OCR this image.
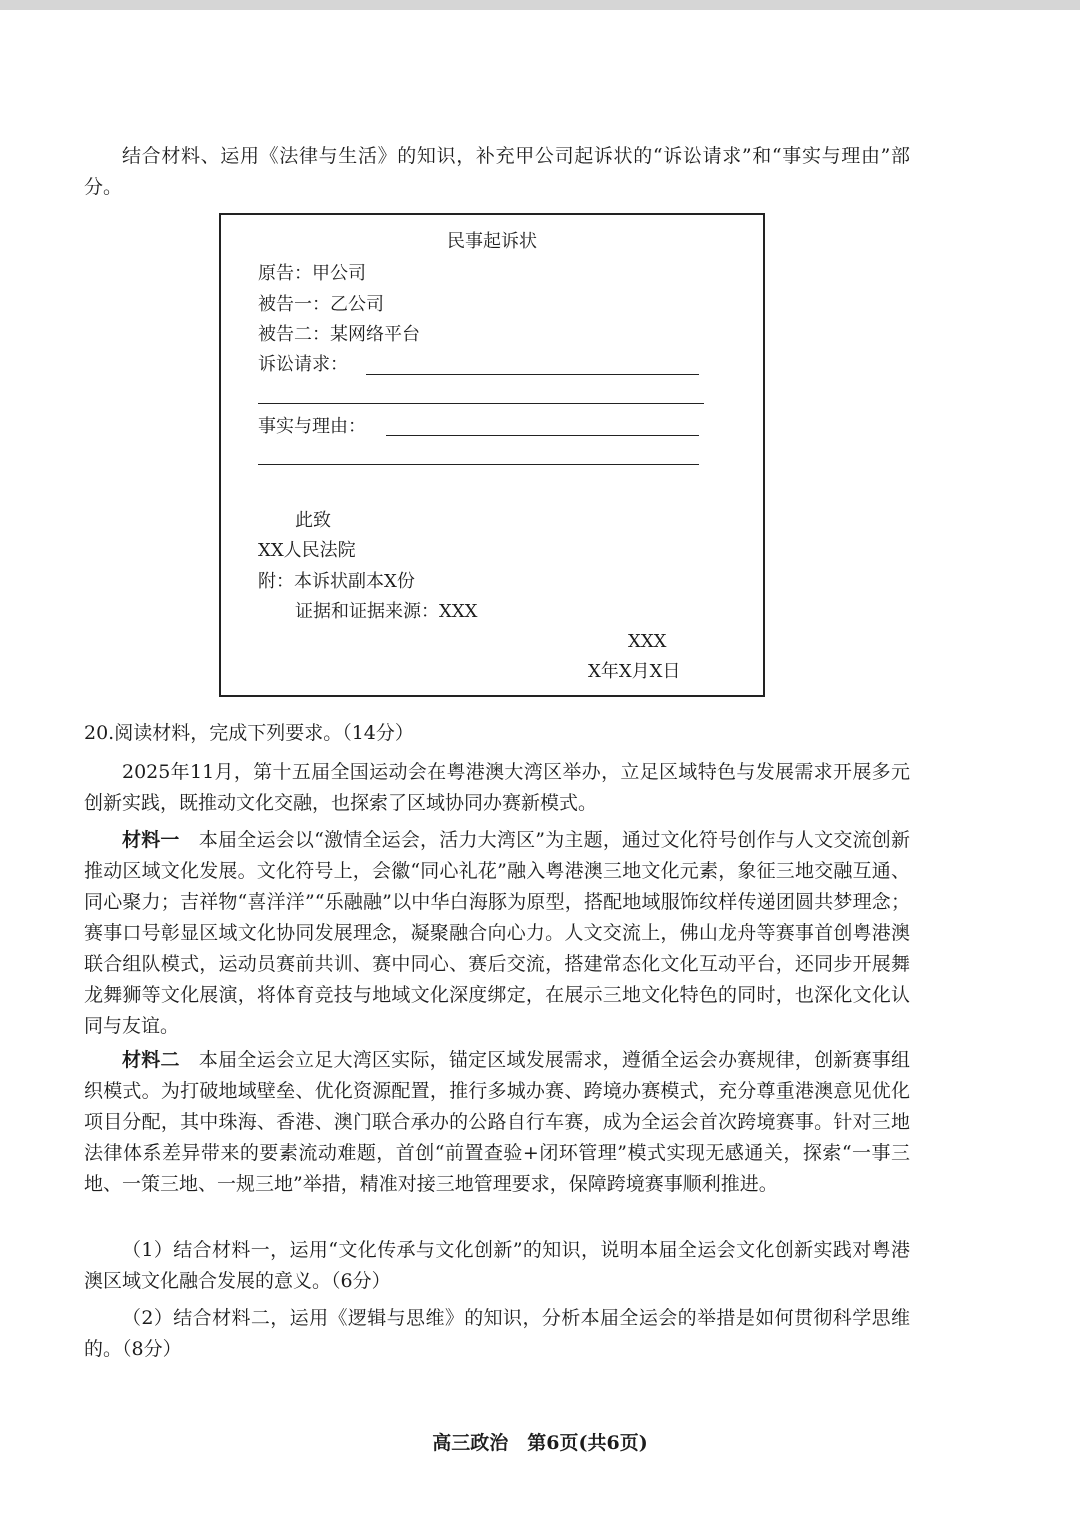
结合材料、运用《法律与生活》的知识，补充甲公司起诉状的“诉讼请求”和“事实与理由”部分。

民事起诉状
原告：甲公司
被告一：乙公司
被告二：某网络平台
诉讼请求：
事实与理由：
此致
XX人民法院
附：本诉状副本X份
证据和证据来源：XXX
XXX
X年X月X日

20.阅读材料，完成下列要求。（14分）

2025年11月，第十五届全国运动会在粤港澳大湾区举办，立足区域特色与发展需求开展多元创新实践，既推动文化交融，也探索了区域协同办赛新模式。

材料一　 本届全运会以“激情全运会，活力大湾区”为主题，通过文化符号创作与人文交流创新推动区域文化发展。文化符号上，会徽“同心礼花”融入粤港澳三地文化元素，象征三地交融互通、同心聚力；吉祥物“喜洋洋”“乐融融”以中华白海豚为原型，搭配地域服饰纹样传递团圆共梦理念；赛事口号彰显区域文化协同发展理念，凝聚融合向心力。人文交流上，佛山龙舟等赛事首创粤港澳联合组队模式，运动员赛前共训、赛中同心、赛后交流，搭建常态化文化互动平台，还同步开展舞龙舞狮等文化展演，将体育竞技与地域文化深度绑定，在展示三地文化特色的同时，也深化文化认同与友谊。

材料二　 本届全运会立足大湾区实际，锚定区域发展需求，遵循全运会办赛规律，创新赛事组织模式。为打破地域壁垒、优化资源配置，推行多城办赛、跨境办赛模式，充分尊重港澳意见优化项目分配，其中珠海、香港、澳门联合承办的公路自行车赛，成为全运会首次跨境赛事。针对三地法律体系差异带来的要素流动难题，首创“前置查验+闭环管理”模式实现无感通关，探索“一事三地、一策三地、一规三地”举措，精准对接三地管理要求，保障跨境赛事顺利推进。

（1）结合材料一，运用“文化传承与文化创新”的知识，说明本届全运会文化创新实践对粤港澳区域文化融合发展的意义。（6分）

（2）结合材料二，运用《逻辑与思维》的知识，分析本届全运会的举措是如何贯彻科学思维的。（8分）

高三政治　第6页(共6页)
